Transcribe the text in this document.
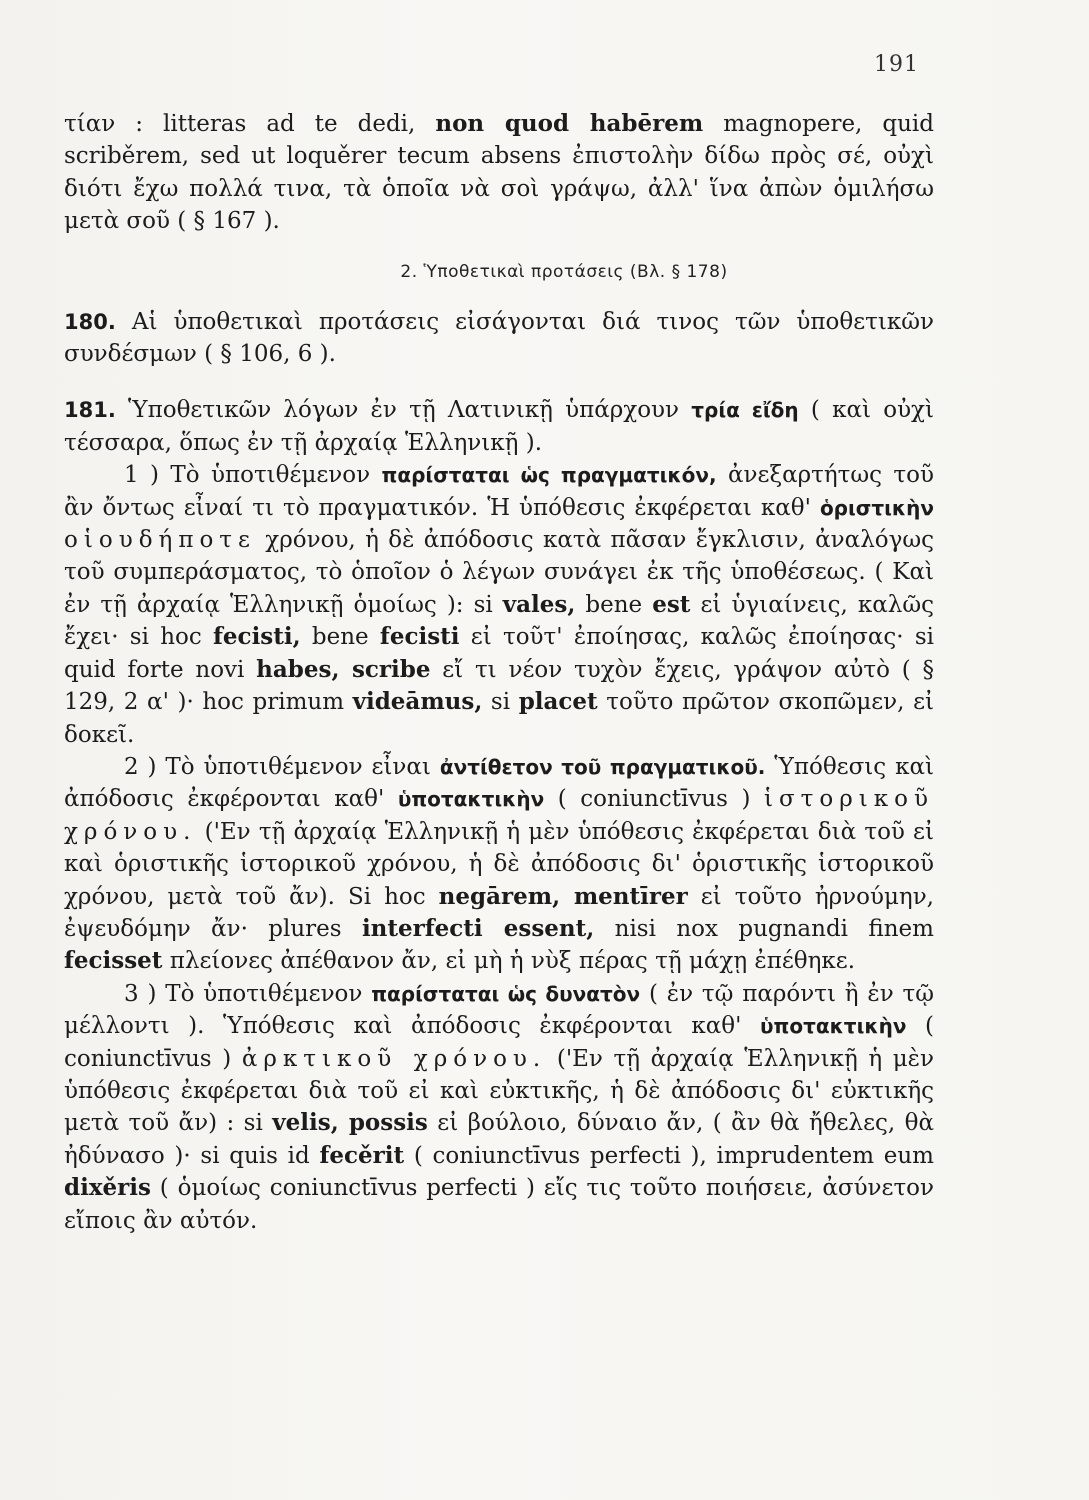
191

τίαν : litteras ad te dedi, non quod habērem magnopere, quid scriběrem, sed ut loquěrer tecum absens ἐπιστολὴν δίδω πρὸς σέ, οὐχὶ διότι ἔχω πολλά τινα, τὰ ὁποῖα νὰ σοὶ γράψω, ἀλλ' ἵνα ἀπὼν ὁμιλήσω μετὰ σοῦ ( § 167 ).

2. Ὑποθετικαὶ προτάσεις (Βλ. § 178)

180. Αἱ ὑποθετικαὶ προτάσεις εἰσάγονται διά τινος τῶν ὑποθετικῶν συνδέσμων ( § 106, 6 ).

181. Ὑποθετικῶν λόγων ἐν τῇ Λατινικῇ ὑπάρχουν τρία εἴδη ( καὶ οὐχὶ τέσσαρα, ὅπως ἐν τῇ ἀρχαίᾳ Ἑλληνικῇ ).

1 ) Τὸ ὑποτιθέμενον παρίσταται ὡς πραγματικόν, ἀνεξαρτήτως τοῦ ἂν ὄντως εἶναί τι τὸ πραγματικόν. Ἡ ὑπόθεσις ἐκφέρεται καθ' ὁριστικὴν οἱουδήποτε χρόνου, ἡ δὲ ἀπόδοσις κατὰ πᾶσαν ἔγκλισιν, ἀναλόγως τοῦ συμπεράσματος, τὸ ὁποῖον ὁ λέγων συνάγει ἐκ τῆς ὑποθέσεως. ( Καὶ ἐν τῇ ἀρχαίᾳ Ἑλληνικῇ ὁμοίως ): si vales, bene est εἰ ὑγιαίνεις, καλῶς ἔχει· si hoc fecisti, bene fecisti εἰ τοῦτ' ἐποίησας, καλῶς ἐποίησας· si quid forte novi habes, scribe εἴ τι νέον τυχὸν ἔχεις, γράψον αὐτὸ ( § 129, 2 α' )· hoc primum videāmus, si placet τοῦτο πρῶτον σκοπῶμεν, εἰ δοκεῖ.

2 ) Τὸ ὑποτιθέμενον εἶναι ἀντίθετον τοῦ πραγματικοῦ. Ὑπόθεσις καὶ ἀπόδοσις ἐκφέρονται καθ' ὑποτακτικὴν ( coniunctīvus ) ἱστορικοῦ χρόνου. ('Εν τῇ ἀρχαίᾳ Ἑλληνικῇ ἡ μὲν ὑπόθεσις ἐκφέρεται διὰ τοῦ εἰ καὶ ὁριστικῆς ἱστορικοῦ χρόνου, ἡ δὲ ἀπόδοσις δι' ὁριστικῆς ἱστορικοῦ χρόνου, μετὰ τοῦ ἄν). Si hoc negārem, mentīrer εἰ τοῦτο ἠρνούμην, ἐψευδόμην ἄν· plures interfecti essent, nisi nox pugnandi finem fecisset πλείονες ἀπέθανον ἄν, εἰ μὴ ἡ νὺξ πέρας τῇ μάχῃ ἐπέθηκε.

3 ) Τὸ ὑποτιθέμενον παρίσταται ὡς δυνατὸν ( ἐν τῷ παρόντι ἢ ἐν τῷ μέλλοντι ). Ὑπόθεσις καὶ ἀπόδοσις ἐκφέρονται καθ' ὑποτακτικὴν ( coniunctīvus ) ἀρκτικοῦ χρόνου. ('Εν τῇ ἀρχαίᾳ Ἑλληνικῇ ἡ μὲν ὑπόθεσις ἐκφέρεται διὰ τοῦ εἰ καὶ εὐκτικῆς, ἡ δὲ ἀπόδοσις δι' εὐκτικῆς μετὰ τοῦ ἄν) : si velis, possis εἰ βούλοιο, δύναιο ἄν, ( ἂν θὰ ἤθελες, θὰ ἠδύνασο )· si quis id fecěrit ( coniunctīvus perfecti ), imprudentem eum dixěris ( ὁμοίως coniunctīvus perfecti ) εἴς τις τοῦτο ποιήσειε, ἀσύνετον εἴποις ἂν αὐτόν.
